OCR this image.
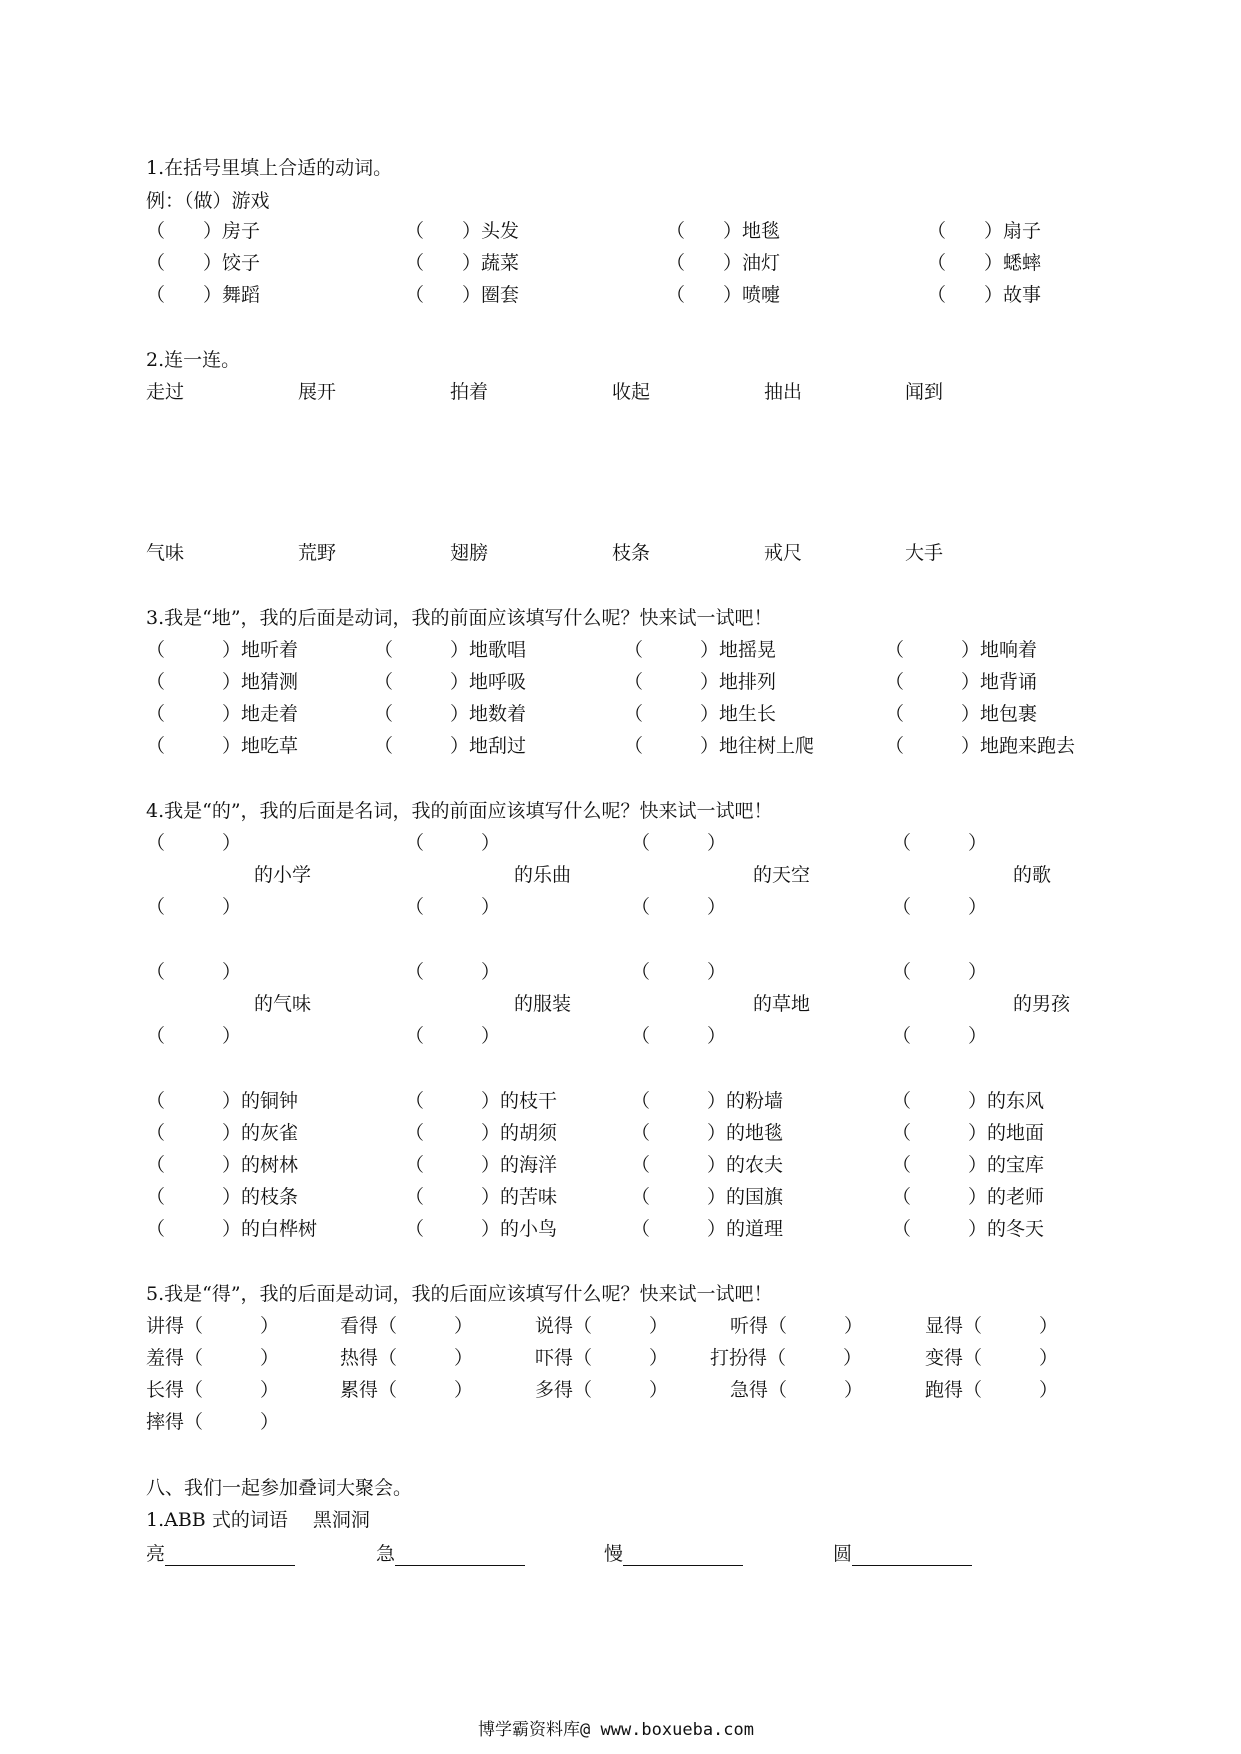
1.在括号里填上合适的动词。
例：（做）游戏
（　　）房子	（　　）头发	（　　）地毯	（　　）扇子
（　　）饺子	（　　）蔬菜	（　　）油灯	（　　）蟋蟀
（　　）舞蹈	（　　）圈套	（　　）喷嚏	（　　）故事
2.连一连。
走过	展开	拍着	收起	抽出	闻到
气味	荒野	翅膀	枝条	戒尺	大手
3.我是“地”，我的后面是动词，我的前面应该填写什么呢？快来试一试吧！
（　　　）地听着	（　　　）地歌唱	（　　　）地摇晃	（　　　）地响着
（　　　）地猜测	（　　　）地呼吸	（　　　）地排列	（　　　）地背诵
（　　　）地走着	（　　　）地数着	（　　　）地生长	（　　　）地包裹
（　　　）地吃草	（　　　）地刮过	（　　　）地往树上爬	（　　　）地跑来跑去
4.我是“的”，我的后面是名词，我的前面应该填写什么呢？快来试一试吧！
（　　　）	（　　　）	（　　　）	（　　　）
的小学	的乐曲	的天空	的歌
（　　　）	（　　　）	（　　　）	（　　　）
（　　　）	（　　　）	（　　　）	（　　　）
的气味	的服装	的草地	的男孩
（　　　）	（　　　）	（　　　）	（　　　）
（　　　）的铜钟	（　　　）的枝干	（　　　）的粉墙	（　　　）的东风
（　　　）的灰雀	（　　　）的胡须	（　　　）的地毯	（　　　）的地面
（　　　）的树林	（　　　）的海洋	（　　　）的农夫	（　　　）的宝库
（　　　）的枝条	（　　　）的苦味	（　　　）的国旗	（　　　）的老师
（　　　）的白桦树	（　　　）的小鸟	（　　　）的道理	（　　　）的冬天
5.我是“得”，我的后面是动词，我的后面应该填写什么呢？快来试一试吧！
讲得（　　　）	看得（　　　）	说得（　　　）	听得（　　　）	显得（　　　）
羞得（　　　）	热得（　　　）	吓得（　　　） 打扮得（　　　）	变得（　　　）
长得（　　　）	累得（　　　）	多得（　　　）	急得（　　　）	跑得（　　　）
摔得（　　　）
八、我们一起参加叠词大聚会。
1.ABB 式的词语　 黑洞洞
亮	急	慢	圆
博学霸资料库@ www.boxueba.com
